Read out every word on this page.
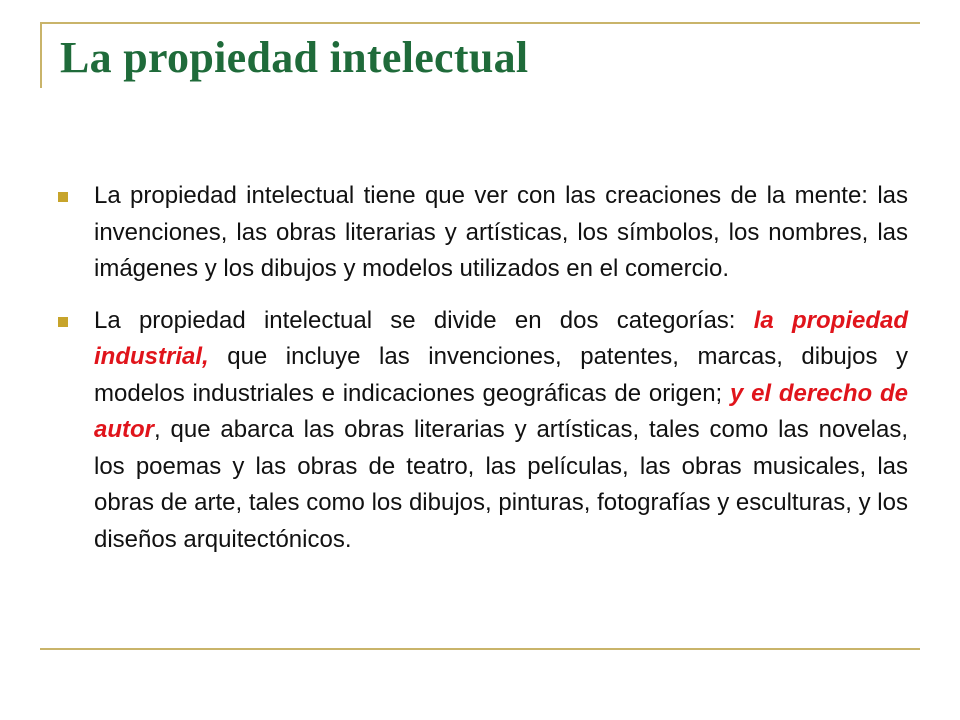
La propiedad intelectual
La propiedad intelectual tiene que ver con las creaciones de la mente: las invenciones, las obras literarias y artísticas, los símbolos, los nombres, las imágenes y los dibujos y modelos utilizados en el comercio.
La propiedad intelectual se divide en dos categorías: la propiedad industrial, que incluye las invenciones, patentes, marcas, dibujos y modelos industriales e indicaciones geográficas de origen; y el derecho de autor, que abarca las obras literarias y artísticas, tales como las novelas, los poemas y las obras de teatro, las películas, las obras musicales, las obras de arte, tales como los dibujos, pinturas, fotografías y esculturas, y los diseños arquitectónicos.
